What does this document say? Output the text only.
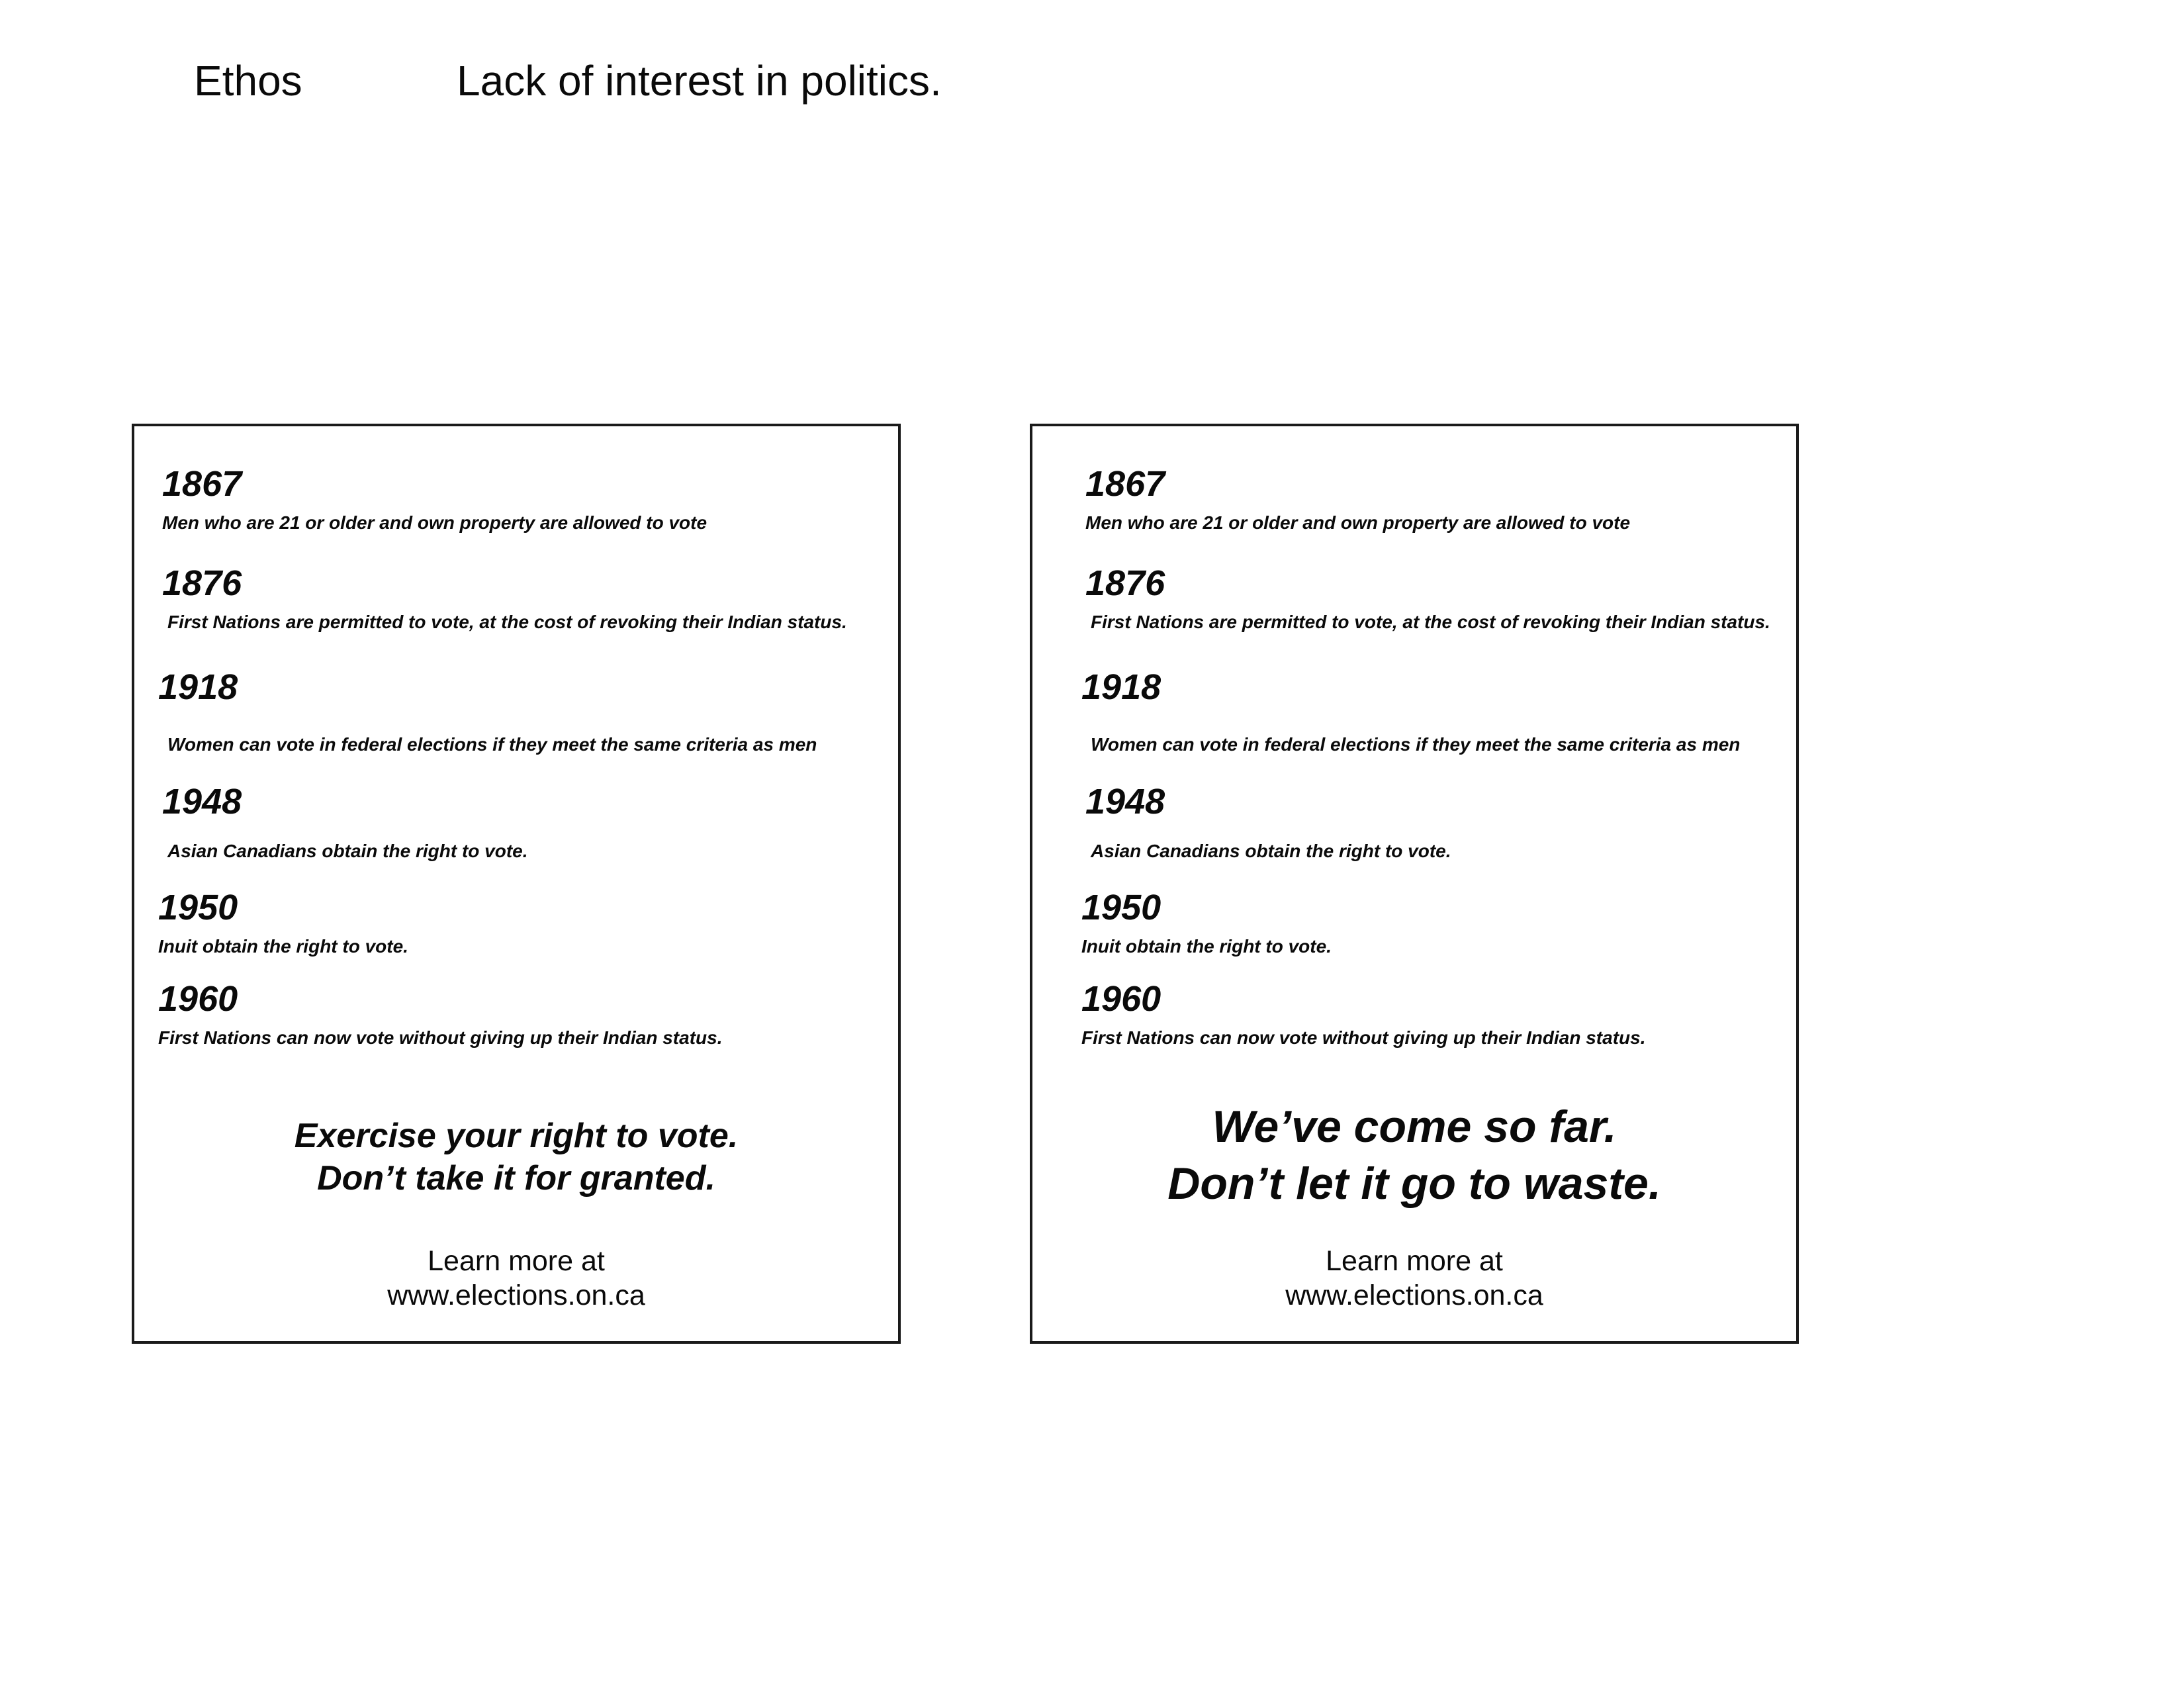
Ethos	Lack of interest in politics.
1867
Men who are 21 or older and own property are allowed to vote
1876
First Nations are permitted to vote, at the cost of revoking their Indian status.
1918
Women can vote in federal elections if they meet the same criteria as men
1948
Asian Canadians obtain the right to vote.
1950
Inuit obtain the right to vote.
1960
First Nations can now vote without giving up their Indian status.
Exercise your right to vote.
Don’t take it for granted.
Learn more at
www.elections.on.ca
1867
Men who are 21 or older and own property are allowed to vote
1876
First Nations are permitted to vote, at the cost of revoking their Indian status.
1918
Women can vote in federal elections if they meet the same criteria as men
1948
Asian Canadians obtain the right to vote.
1950
Inuit obtain the right to vote.
1960
First Nations can now vote without giving up their Indian status.
We’ve come so far.
Don’t let it go to waste.
Learn more at
www.elections.on.ca
